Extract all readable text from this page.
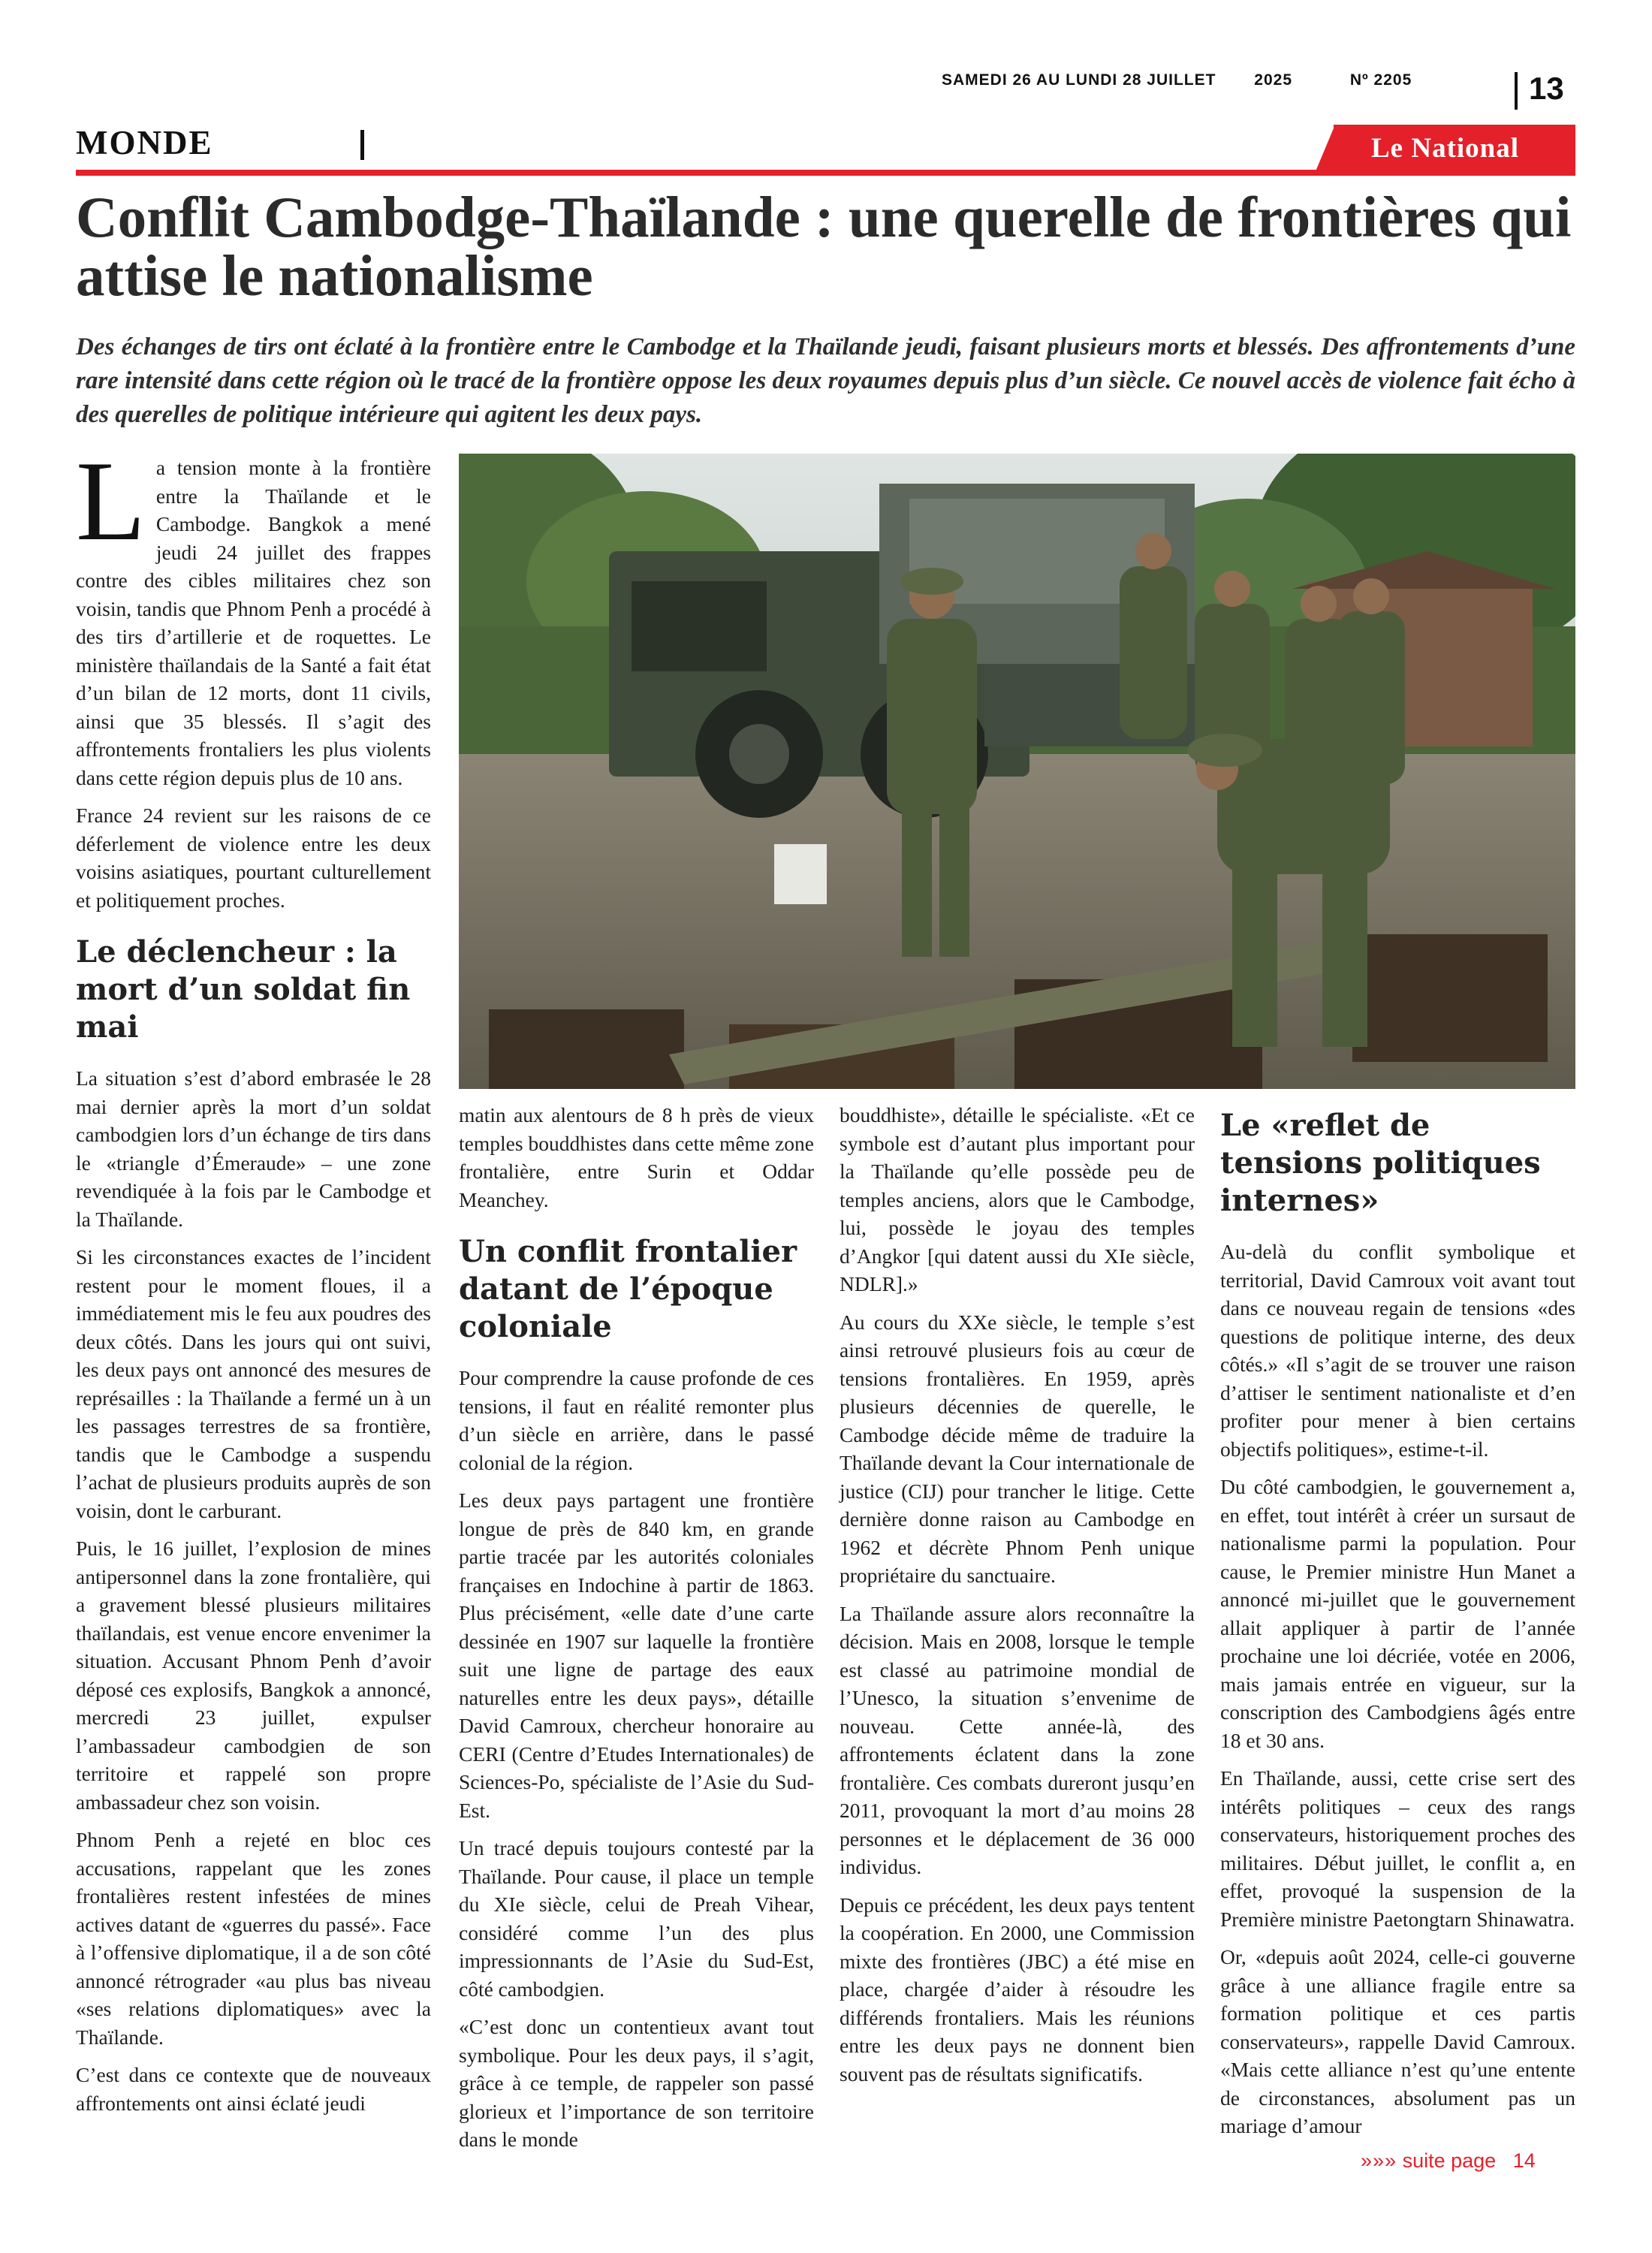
SAMEDI 26 AU LUNDI 28 JUILLET 2025	Nº 2205	13
MONDE	Le National
Conflit Cambodge-Thaïlande : une querelle de frontières qui attise le nationalisme

Des échanges de tirs ont éclaté à la frontière entre le Cambodge et la Thaïlande jeudi, faisant plusieurs morts et blessés. Des affrontements d’une rare intensité dans cette région où le tracé de la frontière oppose les deux royaumes depuis plus d’un siècle. Ce nouvel accès de violence fait écho à des querelles de politique intérieure qui agitent les deux pays.

La tension monte à la frontière entre la Thaïlande et le Cambodge. Bangkok a mené jeudi 24 juillet des frappes contre des cibles militaires chez son voisin, tandis que Phnom Penh a procédé à des tirs d’artillerie et de roquettes. Le ministère thaïlandais de la Santé a fait état d’un bilan de 12 morts, dont 11 civils, ainsi que 35 blessés. Il s’agit des affrontements frontaliers les plus violents dans cette région depuis plus de 10 ans.

France 24 revient sur les raisons de ce déferlement de violence entre les deux voisins asiatiques, pourtant culturellement et politiquement proches.

Le déclencheur : la mort d’un soldat fin mai

La situation s’est d’abord embrasée le 28 mai dernier après la mort d’un soldat cambodgien lors d’un échange de tirs dans le «triangle d’Émeraude» – une zone revendiquée à la fois par le Cambodge et la Thaïlande.

Si les circonstances exactes de l’incident restent pour le moment floues, il a immédiatement mis le feu aux poudres des deux côtés. Dans les jours qui ont suivi, les deux pays ont annoncé des mesures de représailles : la Thaïlande a fermé un à un les passages terrestres de sa frontière, tandis que le Cambodge a suspendu l’achat de plusieurs produits auprès de son voisin, dont le carburant.

Puis, le 16 juillet, l’explosion de mines antipersonnel dans la zone frontalière, qui a gravement blessé plusieurs militaires thaïlandais, est venue encore envenimer la situation. Accusant Phnom Penh d’avoir déposé ces explosifs, Bangkok a annoncé, mercredi 23 juillet, expulser l’ambassadeur cambodgien de son territoire et rappelé son propre ambassadeur chez son voisin.

Phnom Penh a rejeté en bloc ces accusations, rappelant que les zones frontalières restent infestées de mines actives datant de «guerres du passé». Face à l’offensive diplomatique, il a de son côté annoncé rétrograder «au plus bas niveau «ses relations diplomatiques» avec la Thaïlande.

C’est dans ce contexte que de nouveaux affrontements ont ainsi éclaté jeudi

matin aux alentours de 8 h près de vieux temples bouddhistes dans cette même zone frontalière, entre Surin et Oddar Meanchey.

Un conflit frontalier datant de l’époque coloniale

Pour comprendre la cause profonde de ces tensions, il faut en réalité remonter plus d’un siècle en arrière, dans le passé colonial de la région.

Les deux pays partagent une frontière longue de près de 840 km, en grande partie tracée par les autorités coloniales françaises en Indochine à partir de 1863. Plus précisément, «elle date d’une carte dessinée en 1907 sur laquelle la frontière suit une ligne de partage des eaux naturelles entre les deux pays», détaille David Camroux, chercheur honoraire au CERI (Centre d’Etudes Internationales) de Sciences-Po, spécialiste de l’Asie du Sud-Est.

Un tracé depuis toujours contesté par la Thaïlande. Pour cause, il place un temple du XIe siècle, celui de Preah Vihear, considéré comme l’un des plus impressionnants de l’Asie du Sud-Est, côté cambodgien.

«C’est donc un contentieux avant tout symbolique. Pour les deux pays, il s’agit, grâce à ce temple, de rappeler son passé glorieux et l’importance de son territoire dans le monde

bouddhiste», détaille le spécialiste. «Et ce symbole est d’autant plus important pour la Thaïlande qu’elle possède peu de temples anciens, alors que le Cambodge, lui, possède le joyau des temples d’Angkor [qui datent aussi du XIe siècle, NDLR].»

Au cours du XXe siècle, le temple s’est ainsi retrouvé plusieurs fois au cœur de tensions frontalières. En 1959, après plusieurs décennies de querelle, le Cambodge décide même de traduire la Thaïlande devant la Cour internationale de justice (CIJ) pour trancher le litige. Cette dernière donne raison au Cambodge en 1962 et décrète Phnom Penh unique propriétaire du sanctuaire.

La Thaïlande assure alors reconnaître la décision. Mais en 2008, lorsque le temple est classé au patrimoine mondial de l’Unesco, la situation s’envenime de nouveau. Cette année-là, des affrontements éclatent dans la zone frontalière. Ces combats dureront jusqu’en 2011, provoquant la mort d’au moins 28 personnes et le déplacement de 36 000 individus.

Depuis ce précédent, les deux pays tentent la coopération. En 2000, une Commission mixte des frontières (JBC) a été mise en place, chargée d’aider à résoudre les différends frontaliers. Mais les réunions entre les deux pays ne donnent bien souvent pas de résultats significatifs.

Le «reflet de tensions politiques internes»

Au-delà du conflit symbolique et territorial, David Camroux voit avant tout dans ce nouveau regain de tensions «des questions de politique interne, des deux côtés.» «Il s’agit de se trouver une raison d’attiser le sentiment nationaliste et d’en profiter pour mener à bien certains objectifs politiques», estime-t-il.

Du côté cambodgien, le gouvernement a, en effet, tout intérêt à créer un sursaut de nationalisme parmi la population. Pour cause, le Premier ministre Hun Manet a annoncé mi-juillet que le gouvernement allait appliquer à partir de l’année prochaine une loi décriée, votée en 2006, mais jamais entrée en vigueur, sur la conscription des Cambodgiens âgés entre 18 et 30 ans.

En Thaïlande, aussi, cette crise sert des intérêts politiques – ceux des rangs conservateurs, historiquement proches des militaires. Début juillet, le conflit a, en effet, provoqué la suspension de la Première ministre Paetongtarn Shinawatra.

Or, «depuis août 2024, celle-ci gouverne grâce à une alliance fragile entre sa formation politique et ces partis conservateurs», rappelle David Camroux. «Mais cette alliance n’est qu’une entente de circonstances, absolument pas un mariage d’amour

»»» suite page 14
